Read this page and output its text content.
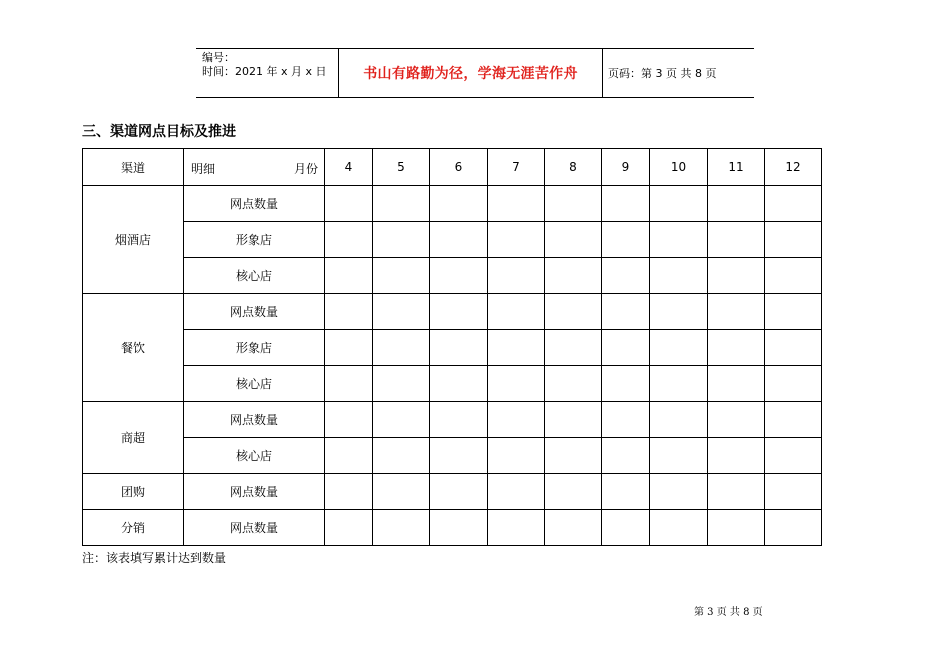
编号：
时间：2021 年 x 月 x 日	书山有路勤为径，学海无涯苦作舟	页码：第 3 页 共 8 页
三、渠道网点目标及推进
渠道	明细 月份	4	5	6	7	8	9	10	11	12
烟酒店	网点数量									
	形象店									
	核心店									
餐饮	网点数量									
	形象店									
	核心店									
商超	网点数量									
	核心店									
团购	网点数量									
分销	网点数量									
注：该表填写累计达到数量
第 3 页 共 8 页
